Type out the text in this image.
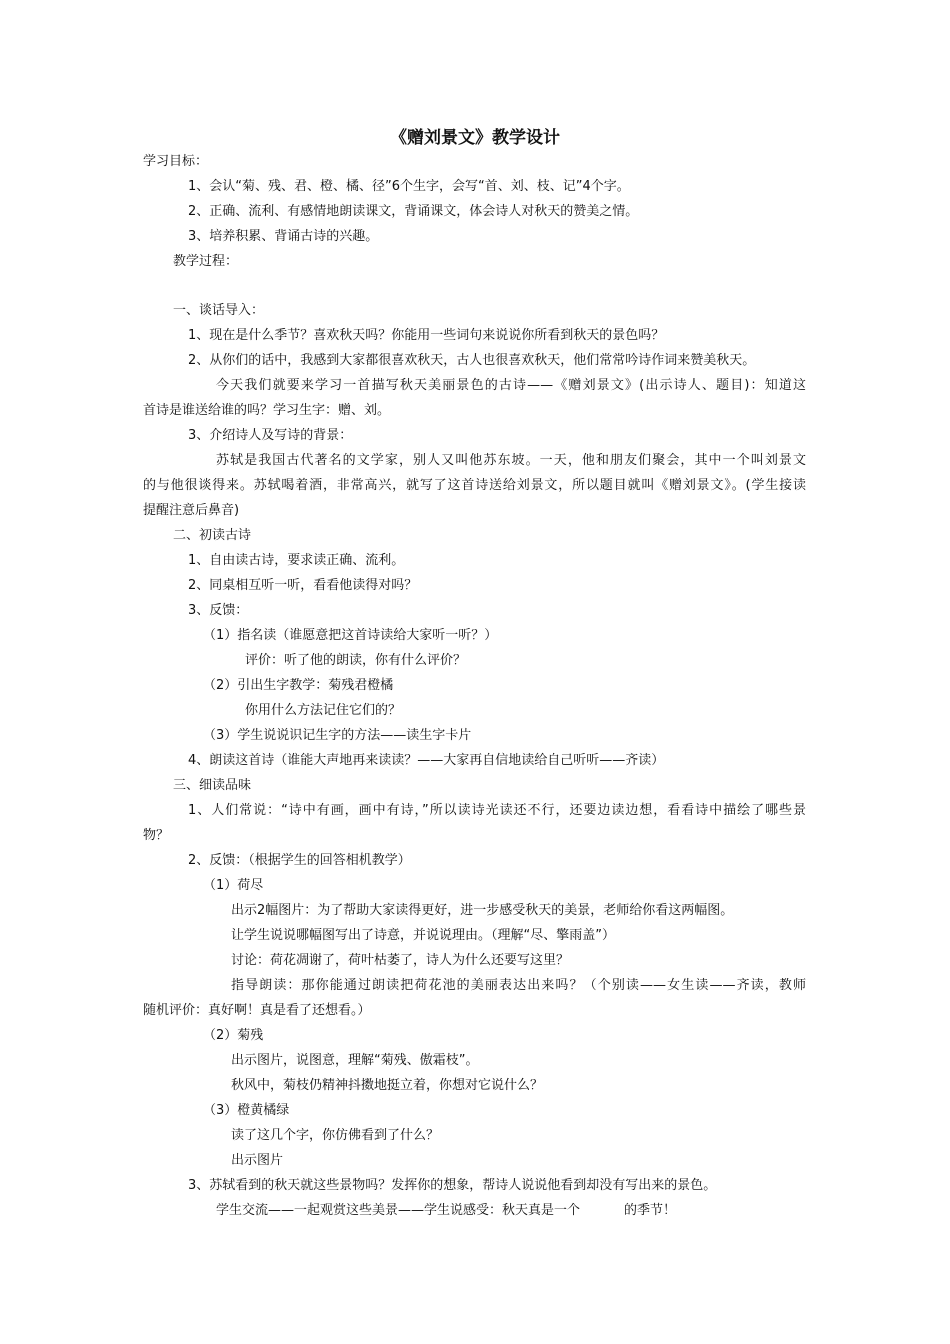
《赠刘景文》教学设计
学习目标：
1、会认“菊、残、君、橙、橘、径”6个生字，会写“首、刘、枝、记”4个字。
2、正确、流利、有感情地朗读课文，背诵课文，体会诗人对秋天的赞美之情。
3、培养积累、背诵古诗的兴趣。
教学过程：
一、谈话导入：
1、现在是什么季节？喜欢秋天吗？你能用一些词句来说说你所看到秋天的景色吗？
2、从你们的话中，我感到大家都很喜欢秋天，古人也很喜欢秋天，他们常常吟诗作词来赞美秋天。
今天我们就要来学习一首描写秋天美丽景色的古诗——《赠刘景文》(出示诗人、题目)：知道这
首诗是谁送给谁的吗？学习生字：赠、刘。
3、介绍诗人及写诗的背景：
苏轼是我国古代著名的文学家，别人又叫他苏东坡。一天，他和朋友们聚会，其中一个叫刘景文
的与他很谈得来。苏轼喝着酒，非常高兴，就写了这首诗送给刘景文，所以题目就叫《赠刘景文》。(学生接读
提醒注意后鼻音)
二、初读古诗
1、自由读古诗，要求读正确、流利。
2、同桌相互听一听，看看他读得对吗？
3、反馈：
（1）指名读（谁愿意把这首诗读给大家听一听？）
评价：听了他的朗读，你有什么评价？
（2）引出生字教学：菊残君橙橘
你用什么方法记住它们的？
（3）学生说说识记生字的方法——读生字卡片
4、朗读这首诗（谁能大声地再来读读？——大家再自信地读给自己听听——齐读）
三、细读品味
1、人们常说：“诗中有画，画中有诗，”所以读诗光读还不行，还要边读边想，看看诗中描绘了哪些景
物？
2、反馈：（根据学生的回答相机教学）
（1）荷尽
出示2幅图片：为了帮助大家读得更好，进一步感受秋天的美景，老师给你看这两幅图。
让学生说说哪幅图写出了诗意，并说说理由。（理解“尽、擎雨盖”）
讨论：荷花凋谢了，荷叶枯萎了，诗人为什么还要写这里？
指导朗读：那你能通过朗读把荷花池的美丽表达出来吗？（个别读——女生读——齐读，教师
随机评价：真好啊！真是看了还想看。）
（2）菊残
出示图片，说图意，理解“菊残、傲霜枝”。
秋风中，菊枝仍精神抖擞地挺立着，你想对它说什么？
（3）橙黄橘绿
读了这几个字，你仿佛看到了什么？
出示图片
3、苏轼看到的秋天就这些景物吗？发挥你的想象，帮诗人说说他看到却没有写出来的景色。
学生交流——一起观赏这些美景——学生说感受：秋天真是一个	的季节！
